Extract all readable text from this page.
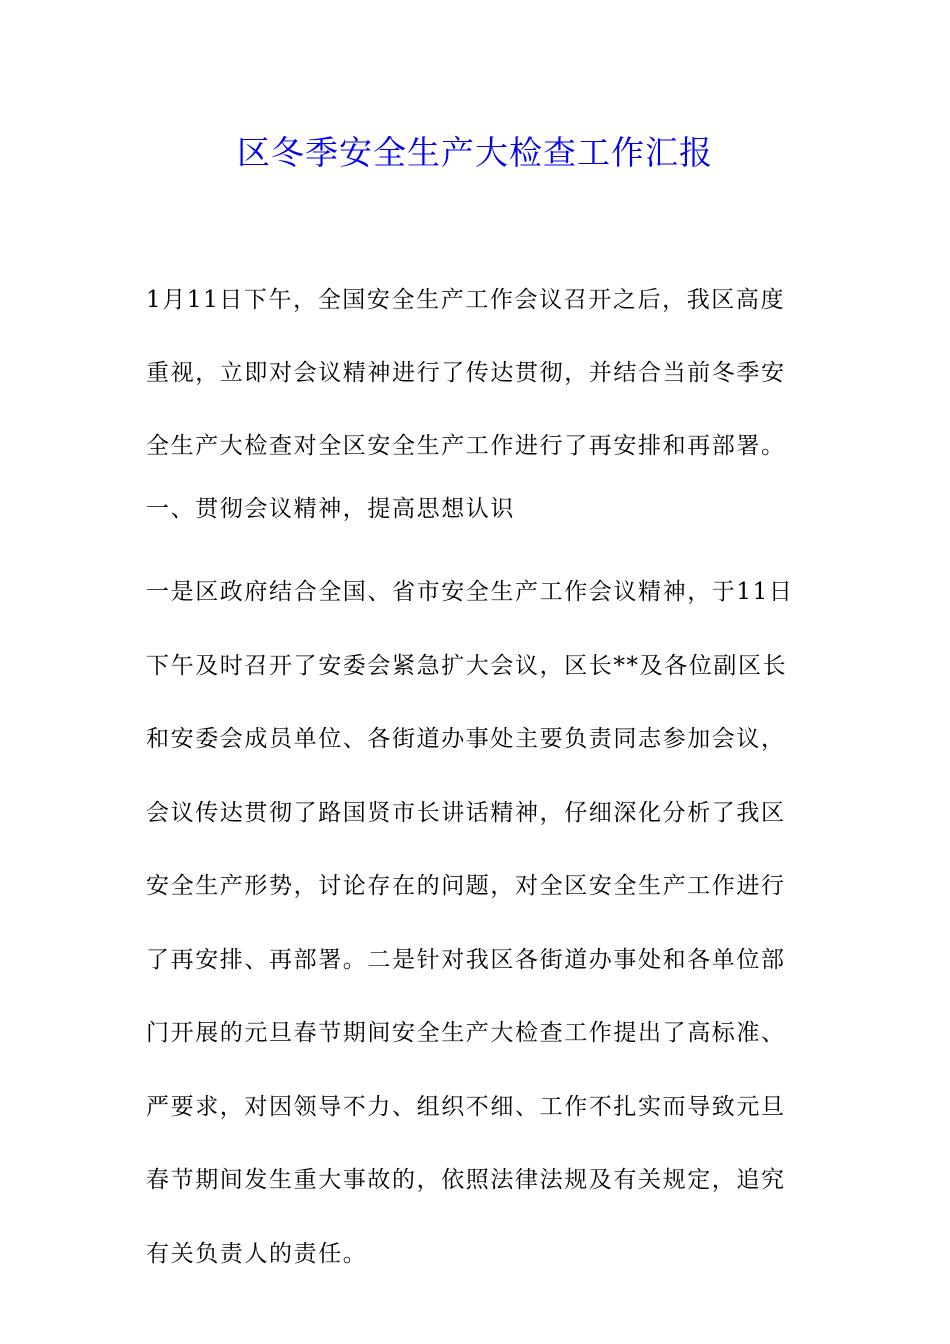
区冬季安全生产大检查工作汇报

1月11日下午，全国安全生产工作会议召开之后，我区高度重视，立即对会议精神进行了传达贯彻，并结合当前冬季安全生产大检查对全区安全生产工作进行了再安排和再部署。

一、贯彻会议精神，提高思想认识

一是区政府结合全国、省市安全生产工作会议精神，于11日下午及时召开了安委会紧急扩大会议，区长**及各位副区长和安委会成员单位、各街道办事处主要负责同志参加会议，会议传达贯彻了路国贤市长讲话精神，仔细深化分析了我区安全生产形势，讨论存在的问题，对全区安全生产工作进行了再安排、再部署。二是针对我区各街道办事处和各单位部门开展的元旦春节期间安全生产大检查工作提出了高标准、严要求，对因领导不力、组织不细、工作不扎实而导致元旦春节期间发生重大事故的，依照法律法规及有关规定，追究有关负责人的责任。
